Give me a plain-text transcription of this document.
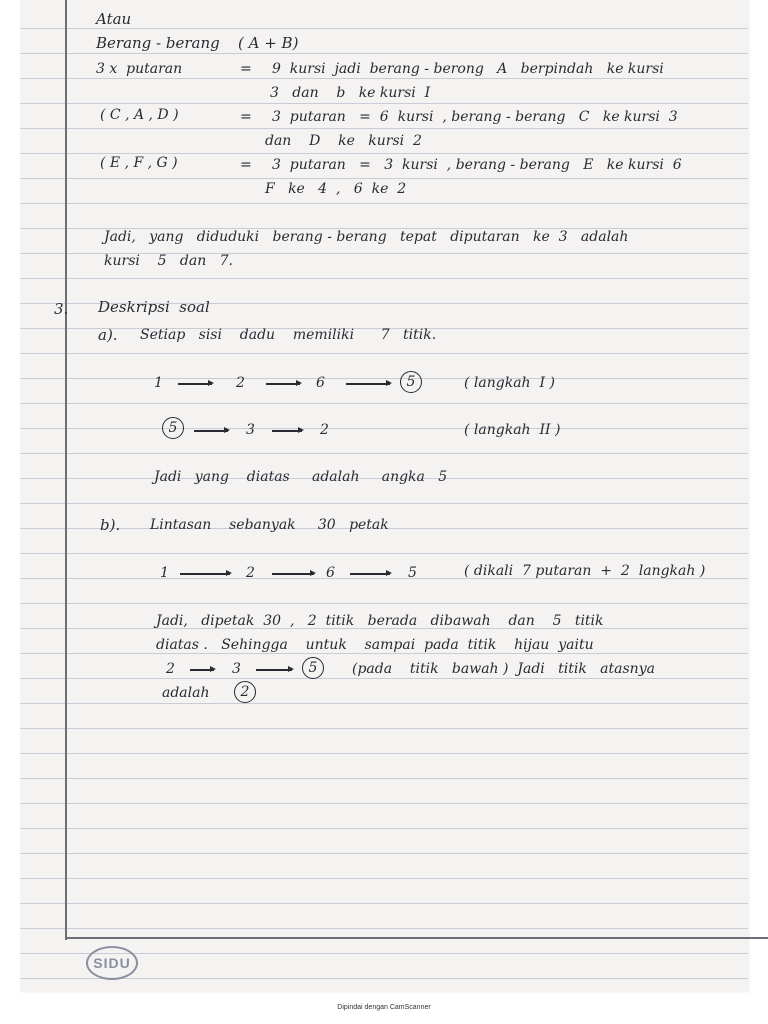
Atau
Berang - berang ( A + B)
3 x  putaran	= 9  kursi  jadi  berang - berong   A   berpindah   ke kursi
3   dan    b   ke kursi  I
( C , A , D )	= 3  putaran   =  6  kursi  , berang - berang   C   ke kursi  3
dan    D    ke   kursi  2
( E , F , G )	= 3  putaran   =   3  kursi  , berang - berang   E   ke kursi  6
F   ke   4  ,   6  ke  2
Jadi,   yang   diduduki   berang - berang   tepat   diputaran   ke  3   adalah
kursi    5   dan   7.
3. Deskripsi  soal
a). Setiap   sisi    dadu    memiliki      7   titik.
1	2	6	5	( langkah  I )
5	3	2	( langkah  II )
Jadi   yang    diatas     adalah     angka   5
b). Lintasan    sebanyak     30   petak
1	2	6	5	( dikali  7 putaran  +  2  langkah )
Jadi,   dipetak  30  ,   2  titik   berada   dibawah    dan    5   titik
diatas .   Sehingga    untuk    sampai  pada  titik    hijau  yaitu
2	3	5	(pada    titik   bawah )  Jadi   titik   atasnya
adalah	2
SIDU
Dipindai dengan CamScanner
